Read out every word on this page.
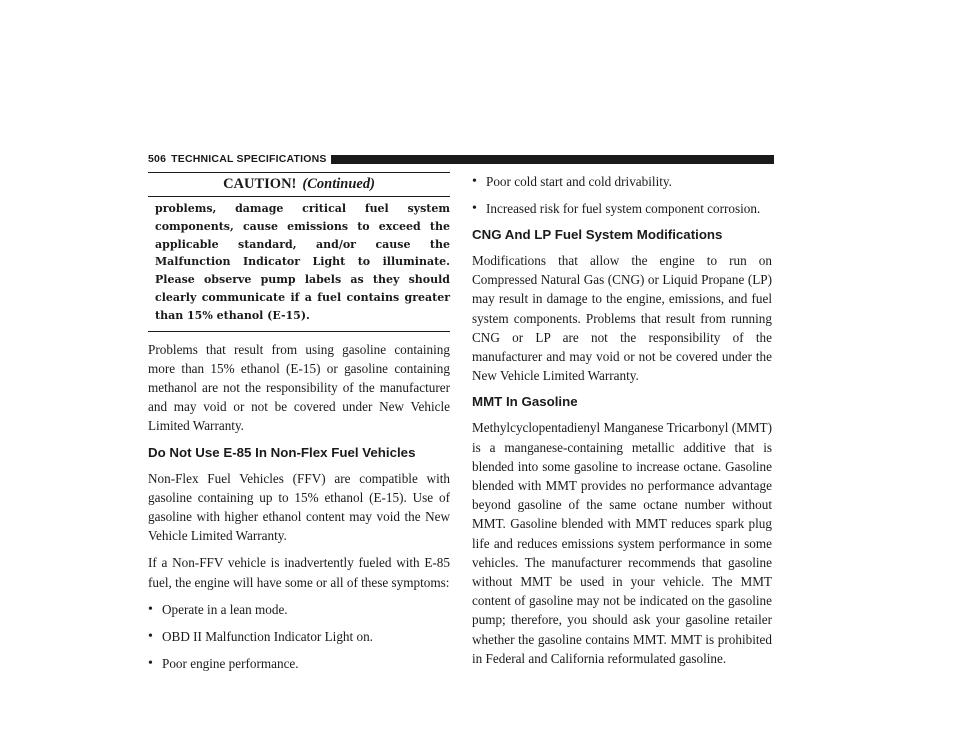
506 TECHNICAL SPECIFICATIONS
CAUTION! (Continued)
problems, damage critical fuel system components, cause emissions to exceed the applicable standard, and/or cause the Malfunction Indicator Light to illuminate. Please observe pump labels as they should clearly communicate if a fuel contains greater than 15% ethanol (E-15).

Problems that result from using gasoline containing more than 15% ethanol (E-15) or gasoline containing methanol are not the responsibility of the manufacturer and may void or not be covered under New Vehicle Limited Warranty.

Do Not Use E-85 In Non-Flex Fuel Vehicles

Non-Flex Fuel Vehicles (FFV) are compatible with gasoline containing up to 15% ethanol (E-15). Use of gasoline with higher ethanol content may void the New Vehicle Limited Warranty.

If a Non-FFV vehicle is inadvertently fueled with E-85 fuel, the engine will have some or all of these symptoms:

• Operate in a lean mode.
• OBD II Malfunction Indicator Light on.
• Poor engine performance.
• Poor cold start and cold drivability.
• Increased risk for fuel system component corrosion.
CNG And LP Fuel System Modifications

Modifications that allow the engine to run on Compressed Natural Gas (CNG) or Liquid Propane (LP) may result in damage to the engine, emissions, and fuel system components. Problems that result from running CNG or LP are not the responsibility of the manufacturer and may void or not be covered under the New Vehicle Limited Warranty.

MMT In Gasoline

Methylcyclopentadienyl Manganese Tricarbonyl (MMT) is a manganese-containing metallic additive that is blended into some gasoline to increase octane. Gasoline blended with MMT provides no performance advantage beyond gasoline of the same octane number without MMT. Gasoline blended with MMT reduces spark plug life and reduces emissions system performance in some vehicles. The manufacturer recommends that gasoline without MMT be used in your vehicle. The MMT content of gasoline may not be indicated on the gasoline pump; therefore, you should ask your gasoline retailer whether the gasoline contains MMT. MMT is prohibited in Federal and California reformulated gasoline.
